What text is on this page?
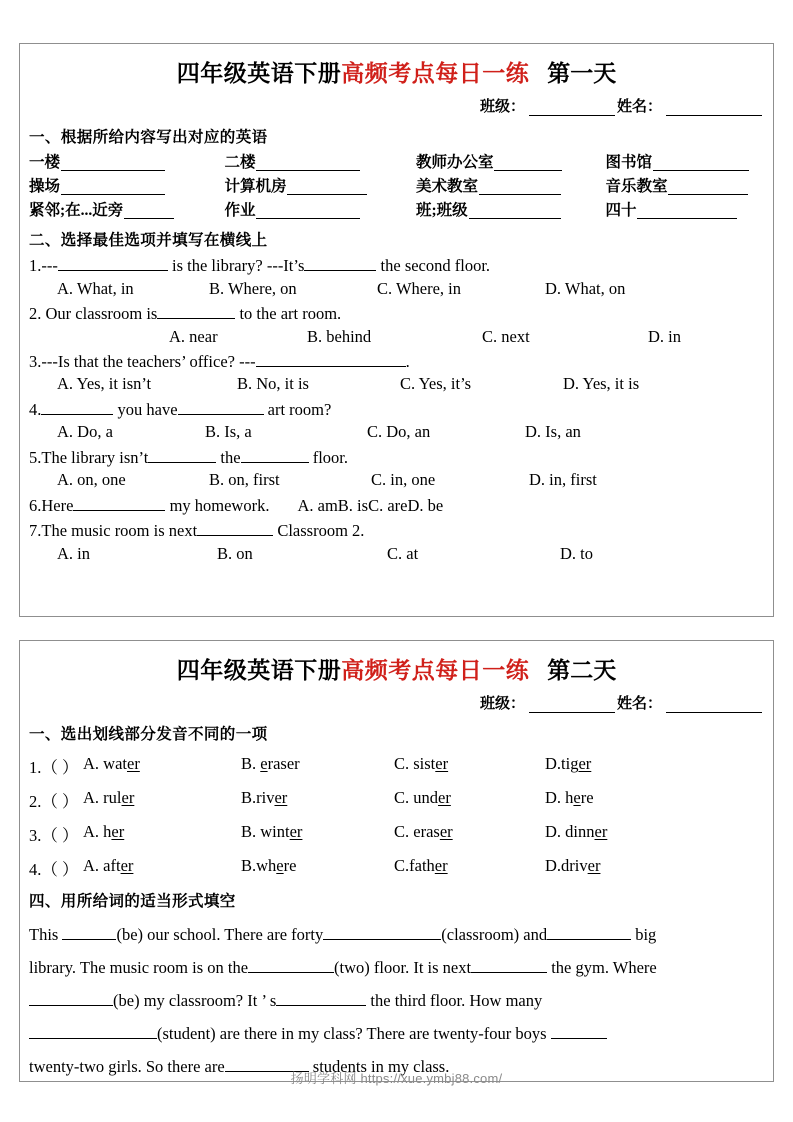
四年级英语下册高频考点每日一练 第一天
班级：	姓名：
一、根据所给内容写出对应的英语
一楼	二楼	教师办公室	图书馆
操场	计算机房	美术教室	音乐教室
紧邻;在...近旁	作业	班;班级	四十
二、选择最佳选项并填写在横线上
1.---	is the library? ---It’s	the second floor.
A. What, in	B. Where, on	C. Where, in	D. What, on
2. Our classroom is	to the art room.
A. near	B. behind	C. next	D. in
3.---Is that the teachers’ office? ---	.
A. Yes, it isn’t	B. No, it is	C. Yes, it’s	D. Yes, it is
4.	you have	art room?
A. Do, a	B. Is, a	C. Do, an	D. Is, an
5.The library isn’t	the	floor.
A. on, one	B. on, first	C. in, one	D. in, first
6.Here	my homework. A. amB. isC. areD. be
7.The music room is next	Classroom 2.
A. in	B. on	C. at	D. to
四年级英语下册高频考点每日一练 第二天
班级：	姓名：
一、选出划线部分发音不同的一项
1.（ ） A. water	B. eraser	C. sister	D.tiger
2.（ ） A. ruler	B.river	C. under	D. here
3.（ ） A. her	B. winter	C. eraser	D. dinner
4.（ ） A. after	B.where	C.father	D.driver
四、用所给词的适当形式填空
This	(be) our school. There are forty	(classroom) and	big
library. The music room is on the	(two) floor. It is next	the gym. Where
(be) my classroom? It ’ s	the third floor. How many
(student) are there in my class? There are twenty-four boys
twenty-two girls. So there are	students in my class.
扬明学科网 https://xue.ymbj88.com/
